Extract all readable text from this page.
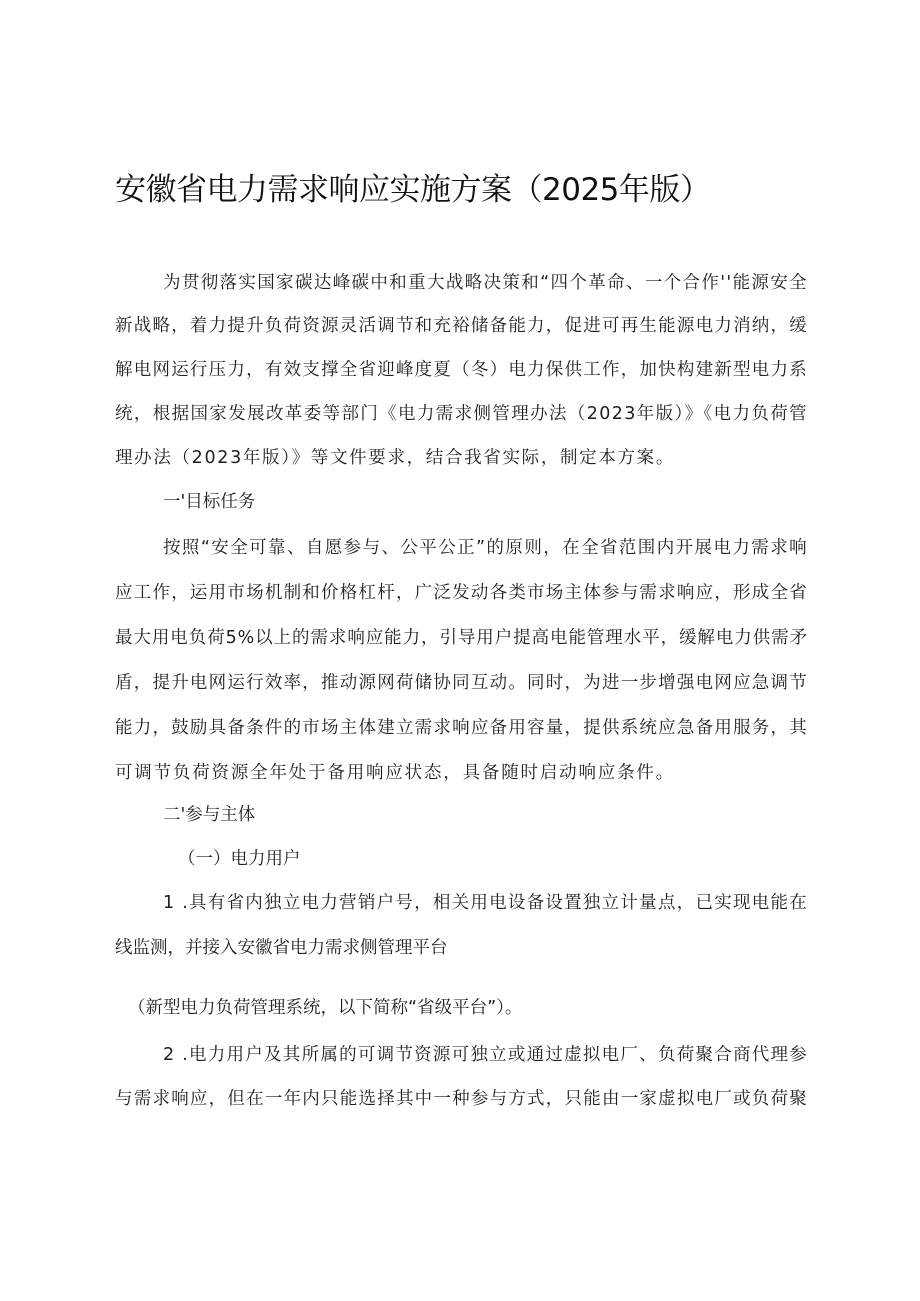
安徽省电力需求响应实施方案（2025年版）
为贯彻落实国家碳达峰碳中和重大战略决策和“四个革命、一个合作''能源安全
新战略，着力提升负荷资源灵活调节和充裕储备能力，促进可再生能源电力消纳，缓
解电网运行压力，有效支撑全省迎峰度夏（冬）电力保供工作，加快构建新型电力系
统，根据国家发展改革委等部门《电力需求侧管理办法（2023年版）》《电力负荷管
理办法（2023年版）》等文件要求，结合我省实际，制定本方案。
一'目标任务
按照“安全可靠、自愿参与、公平公正”的原则，在全省范围内开展电力需求响
应工作，运用市场机制和价格杠杆，广泛发动各类市场主体参与需求响应，形成全省
最大用电负荷5%以上的需求响应能力，引导用户提高电能管理水平，缓解电力供需矛
盾，提升电网运行效率，推动源网荷储协同互动。同时，为进一步增强电网应急调节
能力，鼓励具备条件的市场主体建立需求响应备用容量，提供系统应急备用服务，其
可调节负荷资源全年处于备用响应状态，具备随时启动响应条件。
二'参与主体
（一）电力用户
1 .具有省内独立电力营销户号，相关用电设备设置独立计量点，已实现电能在
线监测，并接入安徽省电力需求侧管理平台
（新型电力负荷管理系统，以下简称“省级平台”）。
2 .电力用户及其所属的可调节资源可独立或通过虚拟电厂、负荷聚合商代理参
与需求响应，但在一年内只能选择其中一种参与方式，只能由一家虚拟电厂或负荷聚
